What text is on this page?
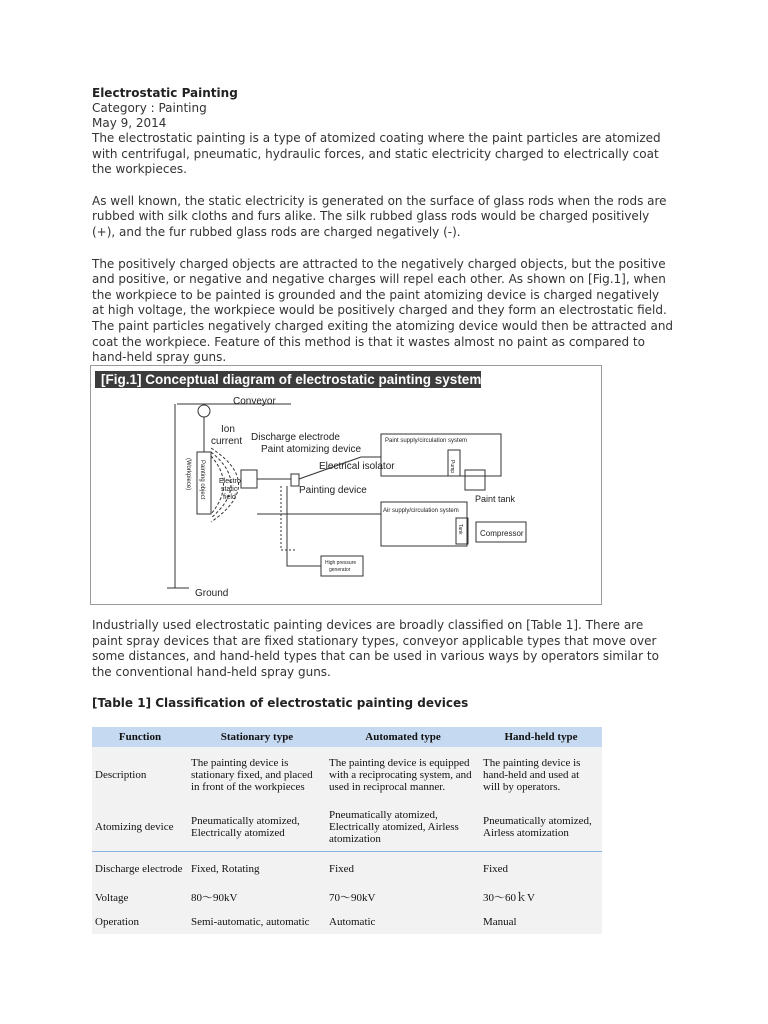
Electrostatic Painting
Category : Painting
May 9, 2014

The electrostatic painting is a type of atomized coating where the paint particles are atomized with centrifugal, pneumatic, hydraulic forces, and static electricity charged to electrically coat the workpieces.

As well known, the static electricity is generated on the surface of glass rods when the rods are rubbed with silk cloths and furs alike. The silk rubbed glass rods would be charged positively (+), and the fur rubbed glass rods are charged negatively (-).

The positively charged objects are attracted to the negatively charged objects, but the positive and positive, or negative and negative charges will repel each other. As shown on [Fig.1], when the workpiece to be painted is grounded and the paint atomizing device is charged negatively at high voltage, the workpiece would be positively charged and they form an electrostatic field. The paint particles negatively charged exiting the atomizing device would then be attracted and coat the workpiece. Feature of this method is that it wastes almost no paint as compared to hand-held spray guns.

[Fig.1] Conceptual diagram of electrostatic painting system
Conveyor
Ion
current Discharge electrode
Paint atomizing device
Electrical isolator
Painting device
(Workpiece) Painting object Electro
static
field
Paint supply/circulation system
Pump
Paint tank
Air supply/circulation system
Tank Compressor
High pressure
generator
Ground

Industrially used electrostatic painting devices are broadly classified on [Table 1]. There are paint spray devices that are fixed stationary types, conveyor applicable types that move over some distances, and hand-held types that can be used in various ways by operators similar to the conventional hand-held spray guns.

[Table 1] Classification of electrostatic painting devices
Function	Stationary type	Automated type	Hand-held type
Description	The painting device is stationary fixed, and placed in front of the workpieces	The painting device is equipped with a reciprocating system, and used in reciprocal manner.	The painting device is hand-held and used at will by operators.
Atomizing device	Pneumatically atomized, Electrically atomized	Pneumatically atomized, Electrically atomized, Airless atomization	Pneumatically atomized, Airless atomization
Discharge electrode	Fixed, Rotating	Fixed	Fixed
Voltage	80～90kV	70～90kV	30～60ｋV
Operation	Semi-automatic, automatic	Automatic	Manual
